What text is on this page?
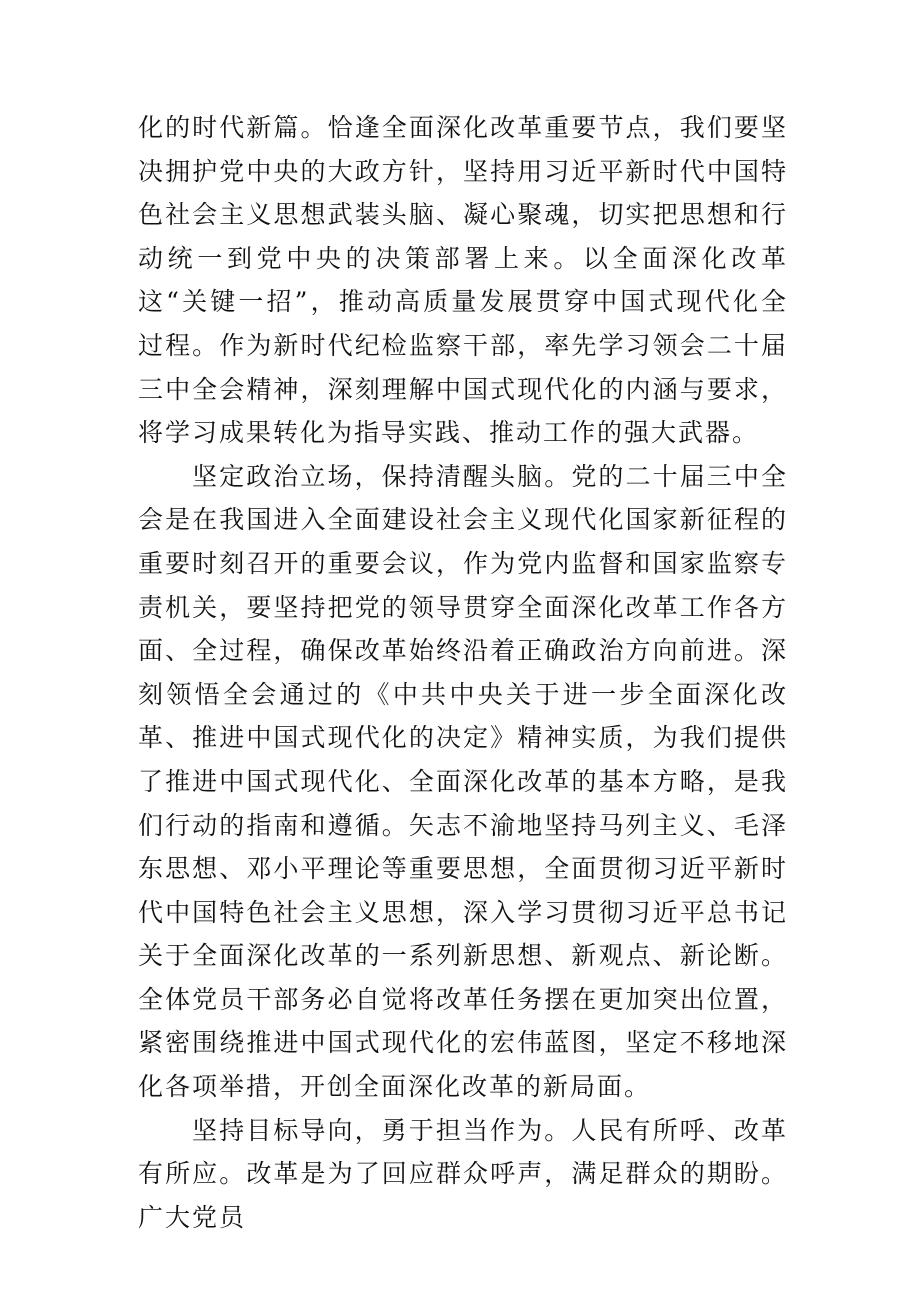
化的时代新篇。恰逢全面深化改革重要节点，我们要坚决拥护党中央的大政方针，坚持用习近平新时代中国特色社会主义思想武装头脑、凝心聚魂，切实把思想和行动统一到党中央的决策部署上来。以全面深化改革这“关键一招”，推动高质量发展贯穿中国式现代化全过程。作为新时代纪检监察干部，率先学习领会二十届三中全会精神，深刻理解中国式现代化的内涵与要求，将学习成果转化为指导实践、推动工作的强大武器。

坚定政治立场，保持清醒头脑。党的二十届三中全会是在我国进入全面建设社会主义现代化国家新征程的重要时刻召开的重要会议，作为党内监督和国家监察专责机关，要坚持把党的领导贯穿全面深化改革工作各方面、全过程，确保改革始终沿着正确政治方向前进。深刻领悟全会通过的《中共中央关于进一步全面深化改革、推进中国式现代化的决定》精神实质，为我们提供了推进中国式现代化、全面深化改革的基本方略，是我们行动的指南和遵循。矢志不渝地坚持马列主义、毛泽东思想、邓小平理论等重要思想，全面贯彻习近平新时代中国特色社会主义思想，深入学习贯彻习近平总书记关于全面深化改革的一系列新思想、新观点、新论断。全体党员干部务必自觉将改革任务摆在更加突出位置，紧密围绕推进中国式现代化的宏伟蓝图，坚定不移地深化各项举措，开创全面深化改革的新局面。

坚持目标导向，勇于担当作为。人民有所呼、改革有所应。改革是为了回应群众呼声，满足群众的期盼。广大党员
